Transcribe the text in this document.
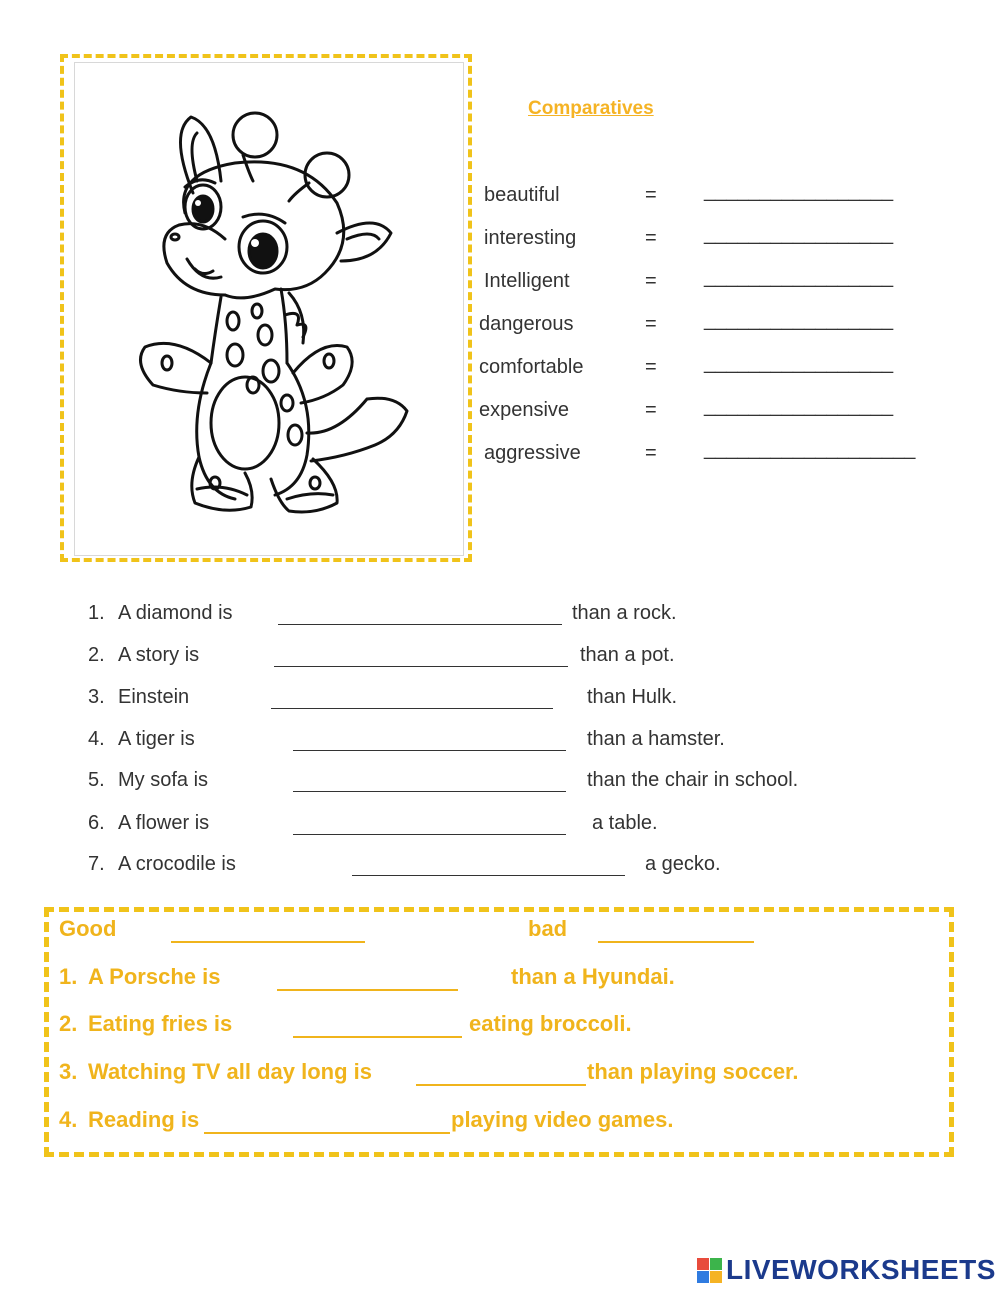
Comparatives
beautiful	= _________________
interesting	= _________________
Intelligent	= _________________
dangerous	= _________________
comfortable	= _________________
expensive	= _________________
aggressive	= ___________________
1. A diamond is	than a rock.
2. A story is	than a pot.
3. Einstein	than Hulk.
4. A tiger is	than a hamster.
5. My sofa is	than the chair in school.
6. A flower is	a table.
7. A crocodile is	a gecko.
Good	bad
1. A Porsche is	than a Hyundai.
2. Eating fries is	eating broccoli.
3. Watching TV all day long is	than playing soccer.
4. Reading is	playing video games.
LIVEWORKSHEETS
